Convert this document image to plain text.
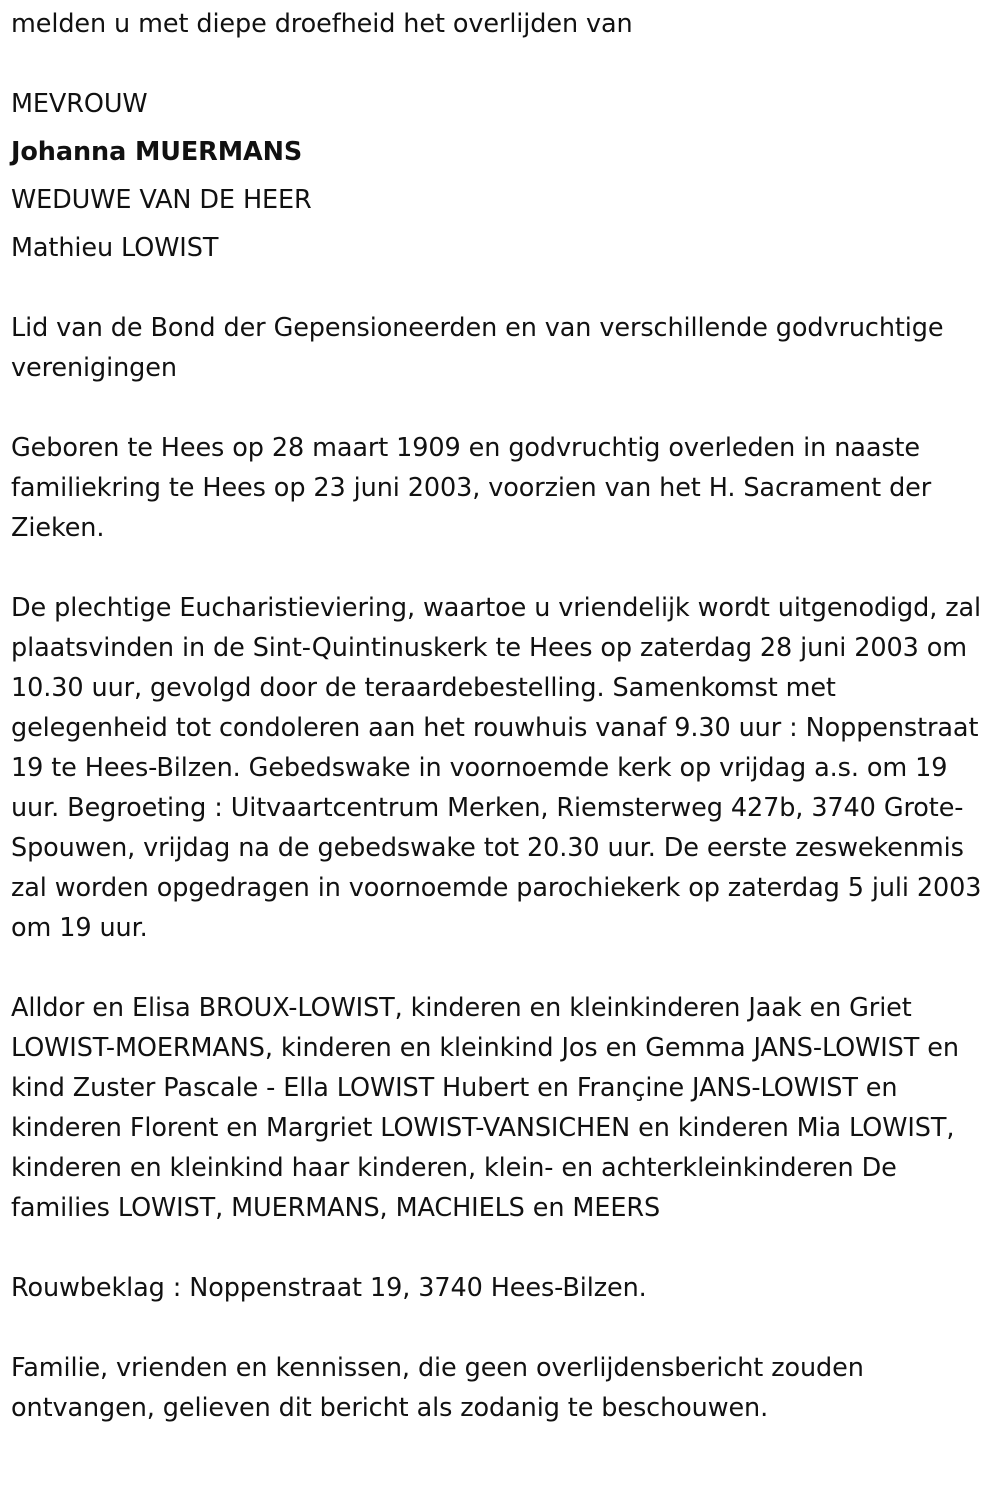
melden u met diepe droefheid het overlijden van
MEVROUW
Johanna MUERMANS
WEDUWE VAN DE HEER
Mathieu LOWIST

Lid van de Bond der Gepensioneerden en van verschillende godvruchtige verenigingen

Geboren te Hees op 28 maart 1909 en godvruchtig overleden in naaste familiekring te Hees op 23 juni 2003, voorzien van het H. Sacrament der Zieken.

De plechtige Eucharistieviering, waartoe u vriendelijk wordt uitgenodigd, zal plaatsvinden in de Sint-Quintinuskerk te Hees op zaterdag 28 juni 2003 om 10.30 uur, gevolgd door de teraardebestelling. Samenkomst met gelegenheid tot condoleren aan het rouwhuis vanaf 9.30 uur : Noppenstraat 19 te Hees-Bilzen. Gebedswake in voornoemde kerk op vrijdag a.s. om 19 uur. Begroeting : Uitvaartcentrum Merken, Riemsterweg 427b, 3740 Grote-Spouwen, vrijdag na de gebedswake tot 20.30 uur. De eerste zeswekenmis zal worden opgedragen in voornoemde parochiekerk op zaterdag 5 juli 2003 om 19 uur.

Alldor en Elisa BROUX-LOWIST, kinderen en kleinkinderen Jaak en Griet LOWIST-MOERMANS, kinderen en kleinkind Jos en Gemma JANS-LOWIST en kind Zuster Pascale - Ella LOWIST Hubert en Françine JANS-LOWIST en kinderen Florent en Margriet LOWIST-VANSICHEN en kinderen Mia LOWIST, kinderen en kleinkind haar kinderen, klein- en achterkleinkinderen De families LOWIST, MUERMANS, MACHIELS en MEERS

Rouwbeklag : Noppenstraat 19, 3740 Hees-Bilzen.

Familie, vrienden en kennissen, die geen overlijdensbericht zouden ontvangen, gelieven dit bericht als zodanig te beschouwen.
